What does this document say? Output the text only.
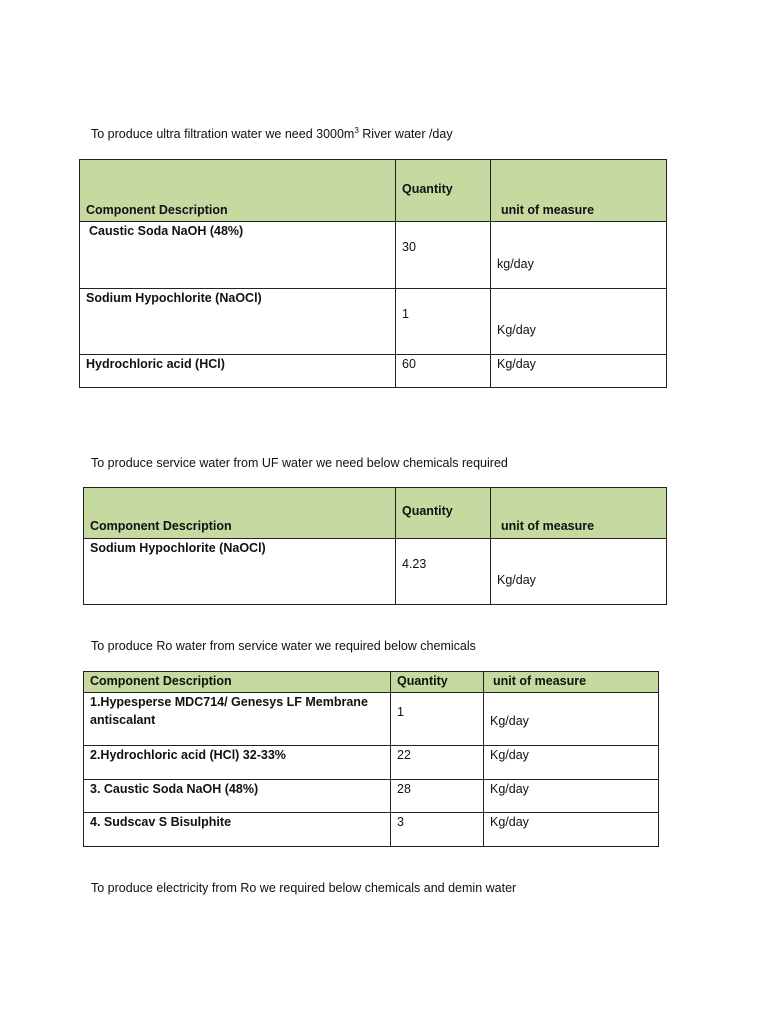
To produce ultra filtration water we need $3000m^3$ River water /day
Component Description	Quantity	unit of measure

Caustic Soda NaOH (48%)	30	kg/day

Sodium Hypochlorite (NaOCl)	1	Kg/day

Hydrochloric acid (HCl)	60	Kg/day
To produce service water from UF water we need below chemicals required
Component Description	Quantity	unit of measure

Sodium Hypochlorite (NaOCl)	4.23	Kg/day
To produce Ro water from service water we required below chemicals
Component Description	Quantity	unit of measure

1.Hypesperse MDC714/ Genesys LF Membrane
antiscalant	1	Kg/day

2.Hydrochloric acid (HCl) 32-33%	22	Kg/day

3. Caustic Soda NaOH (48%)	28	Kg/day

4. Sudscav S Bisulphite	3	Kg/day
To produce electricity from Ro we required below chemicals and demin water
